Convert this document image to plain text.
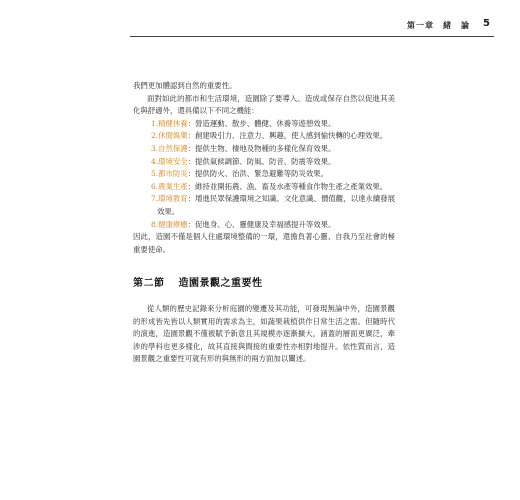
第一章　緒　論 5

我們更加體認到自然的重要性。

面對如此的都市和生活環境，造園除了要導入、造成或保存自然以促進其美化與舒適外，還具備以下不同之機能：

1.精健休養：營造運動、散步、體健、休養等遊憩效果。

2.休閒娛樂：創建吸引力、注意力、興趣，使人感到愉快轉的心理效果。

3.自然保護：提供生物、棲地及物種的多樣化保育效果。

4.環境安全：提供氣候調節、防風、防音、防震等效果。

5.都市防災：提供防火、治洪、緊急避難等防災效果。

6.農業生產：維持並開拓農、漁、畜及水產等種食作物生產之產業效果。

7.環境教育：增進民眾保護環境之知識、文化意識、價值觀，以達永續發展效果。

8.健康療癒：促進身、心、靈健康及幸福感提升等效果。

因此，造園不僅是個人住處環境整備的一環，還擔負著心靈、自我乃至社會的極重要使命。

第二節 造園景觀之重要性

從人類的歷史記錄來分析庭園的變遷及其功能，可發現無論中外，造園景觀的形成皆先皆以人類實用的需求為主，如蔬果栽植供作日常生活之需。但隨時代的演進，造園景觀不僅被賦予新意且其規模亦逐漸擴大，涵蓋的層面更廣泛，牽涉的學科也更多樣化，故其直接與間接的重要性亦相對地提升。依性質而言，造園景觀之重要性可就有形的與無形的兩方面加以闡述。
